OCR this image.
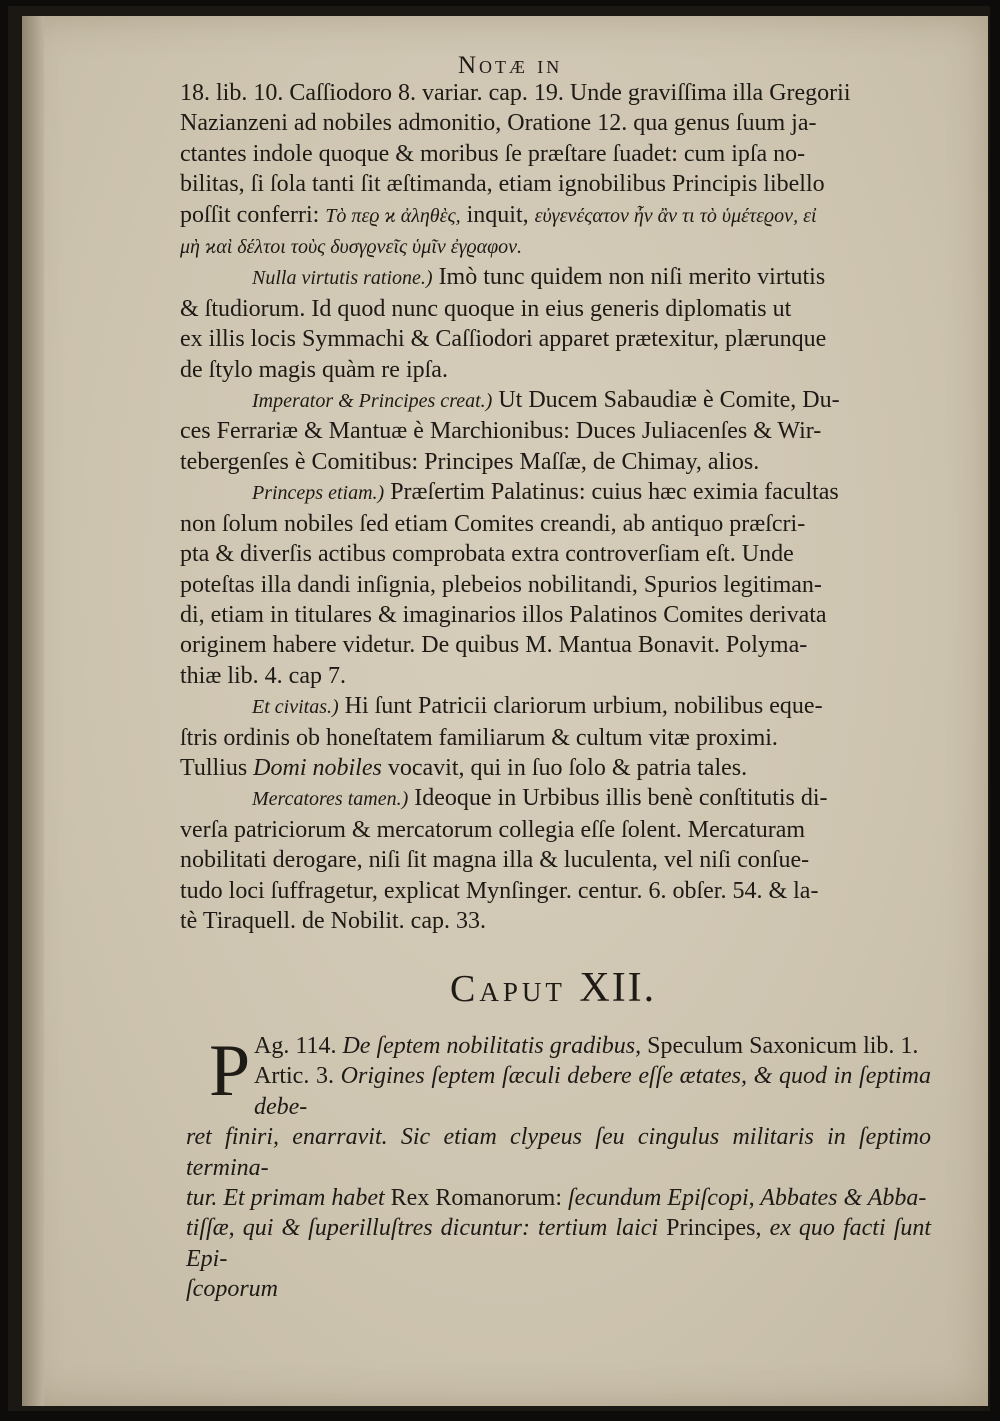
Notæ in

18. lib. 10. Caſſiodoro 8. variar. cap. 19. Unde graviſſima illa Gregorii

Nazianzeni ad nobiles admonitio, Oratione 12. qua genus ſuum ja-

ctantes indole quoque & moribus ſe præſtare ſuadet: cum ipſa no-

bilitas, ſi ſola tanti ſit æſtimanda, etiam ignobilibus Principis libello

poſſit conferri: Τὸ πεϱ ϰ ἀληθὲς, inquit, εὐγενέςατον ἦν ἂν τι τὸ ὑμέτεϱον, εἰ

μὴ ϰαὶ δέλτοι τοὺς δυσγϱνεῖς ὑμῖν ἐγϱαφον.

Nulla virtutis ratione.) Imò tunc quidem non niſi merito virtutis

& ſtudiorum. Id quod nunc quoque in eius generis diplomatis ut

ex illis locis Symmachi & Caſſiodori apparet prætexitur, plærunque

de ſtylo magis quàm re ipſa.

Imperator & Principes creat.) Ut Ducem Sabaudiæ è Comite, Du-

ces Ferrariæ & Mantuæ è Marchionibus: Duces Juliacenſes & Wir-

tebergenſes è Comitibus: Principes Maſſæ, de Chimay, alios.

Princeps etiam.) Præſertim Palatinus: cuius hæc eximia facultas

non ſolum nobiles ſed etiam Comites creandi, ab antiquo præſcri-

pta & diverſis actibus comprobata extra controverſiam eſt. Unde

poteſtas illa dandi inſignia, plebeios nobilitandi, Spurios legitiman-

di, etiam in titulares & imaginarios illos Palatinos Comites derivata

originem habere videtur. De quibus M. Mantua Bonavit. Polyma-

thiæ lib. 4. cap 7.

Et civitas.) Hi ſunt Patricii clariorum urbium, nobilibus eque-

ſtris ordinis ob honeſtatem familiarum & cultum vitæ proximi.

Tullius Domi nobiles vocavit, qui in ſuo ſolo & patria tales.

Mercatores tamen.) Ideoque in Urbibus illis benè conſtitutis di-

verſa patriciorum & mercatorum collegia eſſe ſolent. Mercaturam

nobilitati derogare, niſi ſit magna illa & luculenta, vel niſi conſue-

tudo loci ſuffragetur, explicat Mynſinger. centur. 6. obſer. 54. & la-

tè Tiraquell. de Nobilit. cap. 33.

Caput XII.
P Ag. 114. De ſeptem nobilitatis gradibus, Speculum Saxonicum lib. 1.

Artic. 3. Origines ſeptem ſæculi debere eſſe ætates, & quod in ſeptima debe-

ret finiri, enarravit. Sic etiam clypeus ſeu cingulus militaris in ſeptimo termina-

tur. Et primam habet Rex Romanorum: ſecundum Epiſcopi, Abbates & Abba-

tiſſæ, qui & ſuperilluſtres dicuntur: tertium laici Principes, ex quo facti ſunt Epi-

ſcoporum
